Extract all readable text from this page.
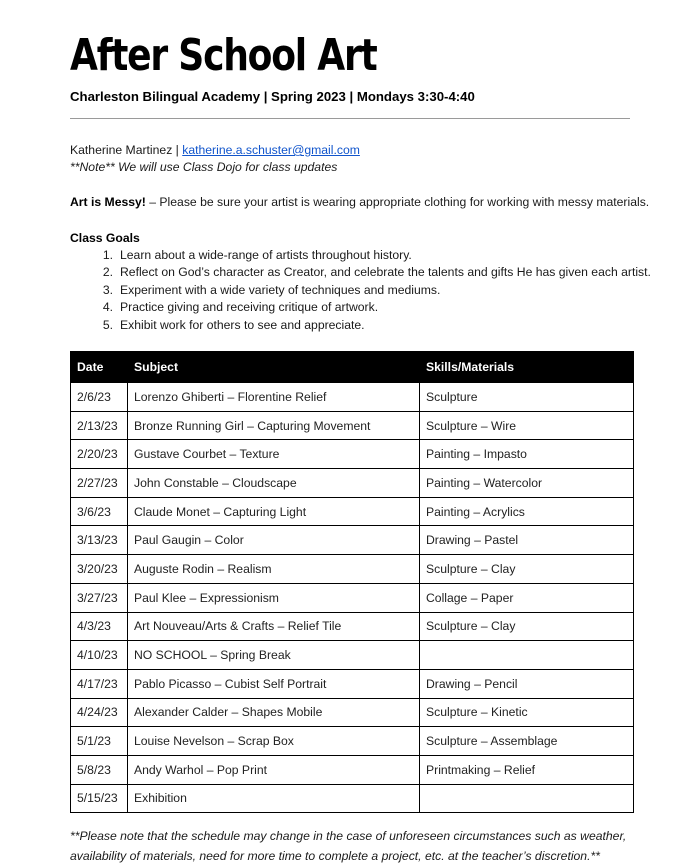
After School Art
Charleston Bilingual Academy | Spring 2023 | Mondays 3:30-4:40
Katherine Martinez | katherine.a.schuster@gmail.com
**Note** We will use Class Dojo for class updates
Art is Messy! – Please be sure your artist is wearing appropriate clothing for working with messy materials.
Class Goals
1. Learn about a wide-range of artists throughout history.
2. Reflect on God’s character as Creator, and celebrate the talents and gifts He has given each artist.
3. Experiment with a wide variety of techniques and mediums.
4. Practice giving and receiving critique of artwork.
5. Exhibit work for others to see and appreciate.
Date	Subject	Skills/Materials
2/6/23	Lorenzo Ghiberti – Florentine Relief	Sculpture
2/13/23	Bronze Running Girl – Capturing Movement	Sculpture – Wire
2/20/23	Gustave Courbet – Texture	Painting – Impasto
2/27/23	John Constable – Cloudscape	Painting – Watercolor
3/6/23	Claude Monet – Capturing Light	Painting – Acrylics
3/13/23	Paul Gaugin – Color	Drawing – Pastel
3/20/23	Auguste Rodin – Realism	Sculpture – Clay
3/27/23	Paul Klee – Expressionism	Collage – Paper
4/3/23	Art Nouveau/Arts & Crafts – Relief Tile	Sculpture – Clay
4/10/23	NO SCHOOL – Spring Break	
4/17/23	Pablo Picasso – Cubist Self Portrait	Drawing – Pencil
4/24/23	Alexander Calder – Shapes Mobile	Sculpture – Kinetic
5/1/23	Louise Nevelson – Scrap Box	Sculpture – Assemblage
5/8/23	Andy Warhol – Pop Print	Printmaking – Relief
5/15/23	Exhibition	
**Please note that the schedule may change in the case of unforeseen circumstances such as weather, availability of materials, need for more time to complete a project, etc. at the teacher’s discretion.**
